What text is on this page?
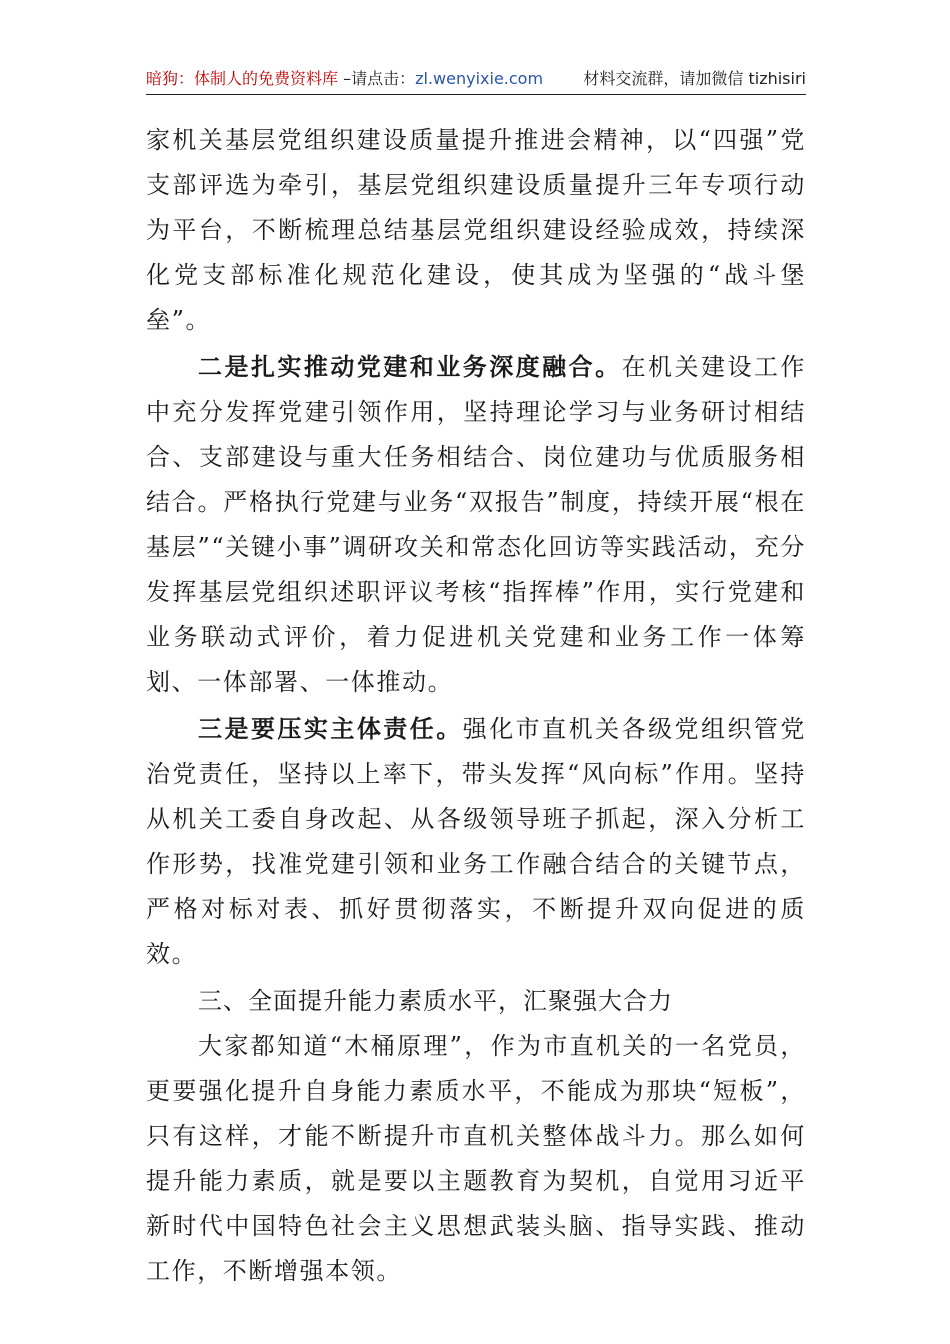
暗狗：体制人的免费资料库 –请点击：zl.wenyixie.com	材料交流群，请加微信 tizhisiri

家机关基层党组织建设质量提升推进会精神，以“四强”党支部评选为牵引，基层党组织建设质量提升三年专项行动为平台，不断梳理总结基层党组织建设经验成效，持续深化党支部标准化规范化建设，使其成为坚强的“战斗堡垒”。

二是扎实推动党建和业务深度融合。在机关建设工作中充分发挥党建引领作用，坚持理论学习与业务研讨相结合、支部建设与重大任务相结合、岗位建功与优质服务相结合。严格执行党建与业务“双报告”制度，持续开展“根在基层”“关键小事”调研攻关和常态化回访等实践活动，充分发挥基层党组织述职评议考核“指挥棒”作用，实行党建和业务联动式评价，着力促进机关党建和业务工作一体筹划、一体部署、一体推动。

三是要压实主体责任。强化市直机关各级党组织管党治党责任，坚持以上率下，带头发挥“风向标”作用。坚持从机关工委自身改起、从各级领导班子抓起，深入分析工作形势，找准党建引领和业务工作融合结合的关键节点，严格对标对表、抓好贯彻落实，不断提升双向促进的质效。

三、全面提升能力素质水平，汇聚强大合力

大家都知道“木桶原理”，作为市直机关的一名党员，更要强化提升自身能力素质水平，不能成为那块“短板”，只有这样，才能不断提升市直机关整体战斗力。那么如何提升能力素质，就是要以主题教育为契机，自觉用习近平新时代中国特色社会主义思想武装头脑、指导实践、推动工作，不断增强本领。
